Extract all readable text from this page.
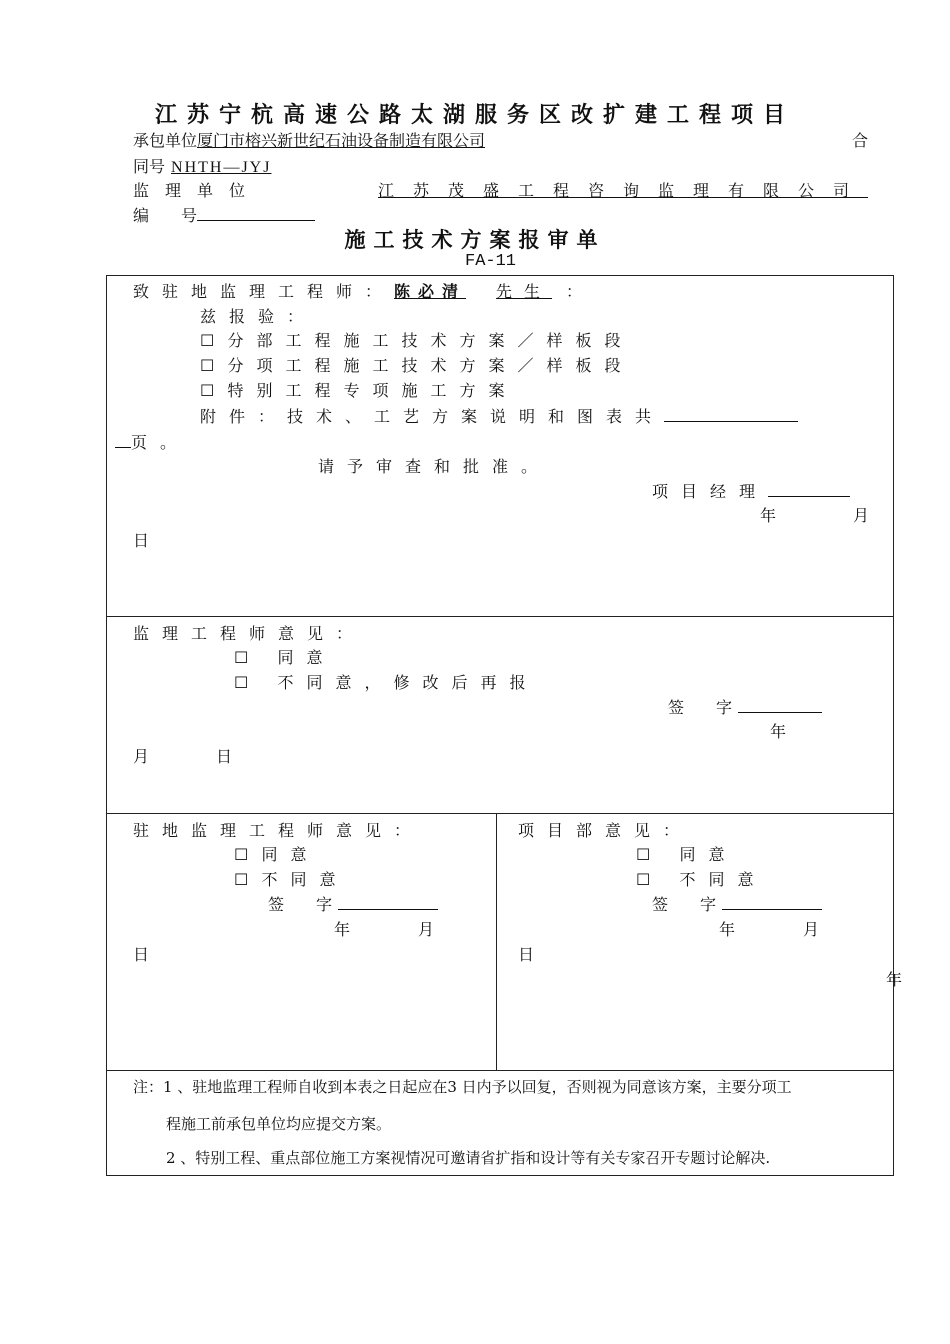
江苏宁杭高速公路太湖服务区改扩建工程项目
承包单位厦门市榕兴新世纪石油设备制造有限公司	合
同号 NHTH—JYJ
监　理　单　位	江苏茂盛工程咨询监理有限公司
编　　号
施工技术方案报审单
FA-11
致驻地监理工程师：陈必清 先生 ：
兹报验：
☐ 分部工程施工技术方案／样板段
☐ 分项工程施工技术方案／样板段
☐ 特别工程专项施工方案
附件：技术、工艺方案说明和图表共
页。
请予审查和批准。
项目经理
年	月
日
监理工程师意见：
☐ 同意
☐ 不同意，修改后再报
签　　字
年
月	日
驻地监理工程师意见：
☐ 同意
☐ 不同意
签　　字
年	月
日
项目部意见：
☐ 同意
☐ 不同意
签　　字
年	月
日
年
注：1 、驻地监理工程师自收到本表之日起应在3 日内予以回复，否则视为同意该方案，主要分项工
程施工前承包单位均应提交方案。
2 、特别工程、重点部位施工方案视情况可邀请省扩指和设计等有关专家召开专题讨论解决.
